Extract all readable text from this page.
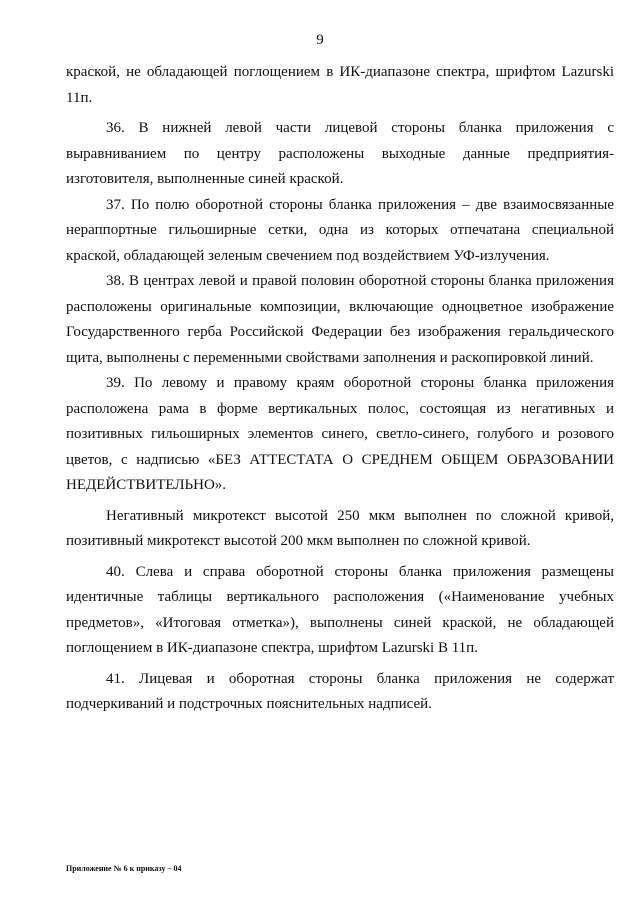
9

краской, не обладающей поглощением в ИК-диапазоне спектра, шрифтом Lazurski 11п.

36. В нижней левой части лицевой стороны бланка приложения с выравниванием по центру расположены выходные данные предприятия-изготовителя, выполненные синей краской.

37. По полю оборотной стороны бланка приложения – две взаимосвязанные нераппортные гильоширные сетки, одна из которых отпечатана специальной краской, обладающей зеленым свечением под воздействием УФ-излучения.

38. В центрах левой и правой половин оборотной стороны бланка приложения расположены оригинальные композиции, включающие одноцветное изображение Государственного герба Российской Федерации без изображения геральдического щита, выполнены с переменными свойствами заполнения и раскопировкой линий.

39. По левому и правому краям оборотной стороны бланка приложения расположена рама в форме вертикальных полос, состоящая из негативных и позитивных гильоширных элементов синего, светло-синего, голубого и розового цветов, с надписью «БЕЗ АТТЕСТАТА О СРЕДНЕМ ОБЩЕМ ОБРАЗОВАНИИ НЕДЕЙСТВИТЕЛЬНО».

Негативный микротекст высотой 250 мкм выполнен по сложной кривой, позитивный микротекст высотой 200 мкм выполнен по сложной кривой.

40. Слева и справа оборотной стороны бланка приложения размещены идентичные таблицы вертикального расположения («Наименование учебных предметов», «Итоговая отметка»), выполнены синей краской, не обладающей поглощением в ИК-диапазоне спектра, шрифтом Lazurski B 11п.

41. Лицевая и оборотная стороны бланка приложения не содержат подчеркиваний и подстрочных пояснительных надписей.

Приложение № 6 к приказу – 04
